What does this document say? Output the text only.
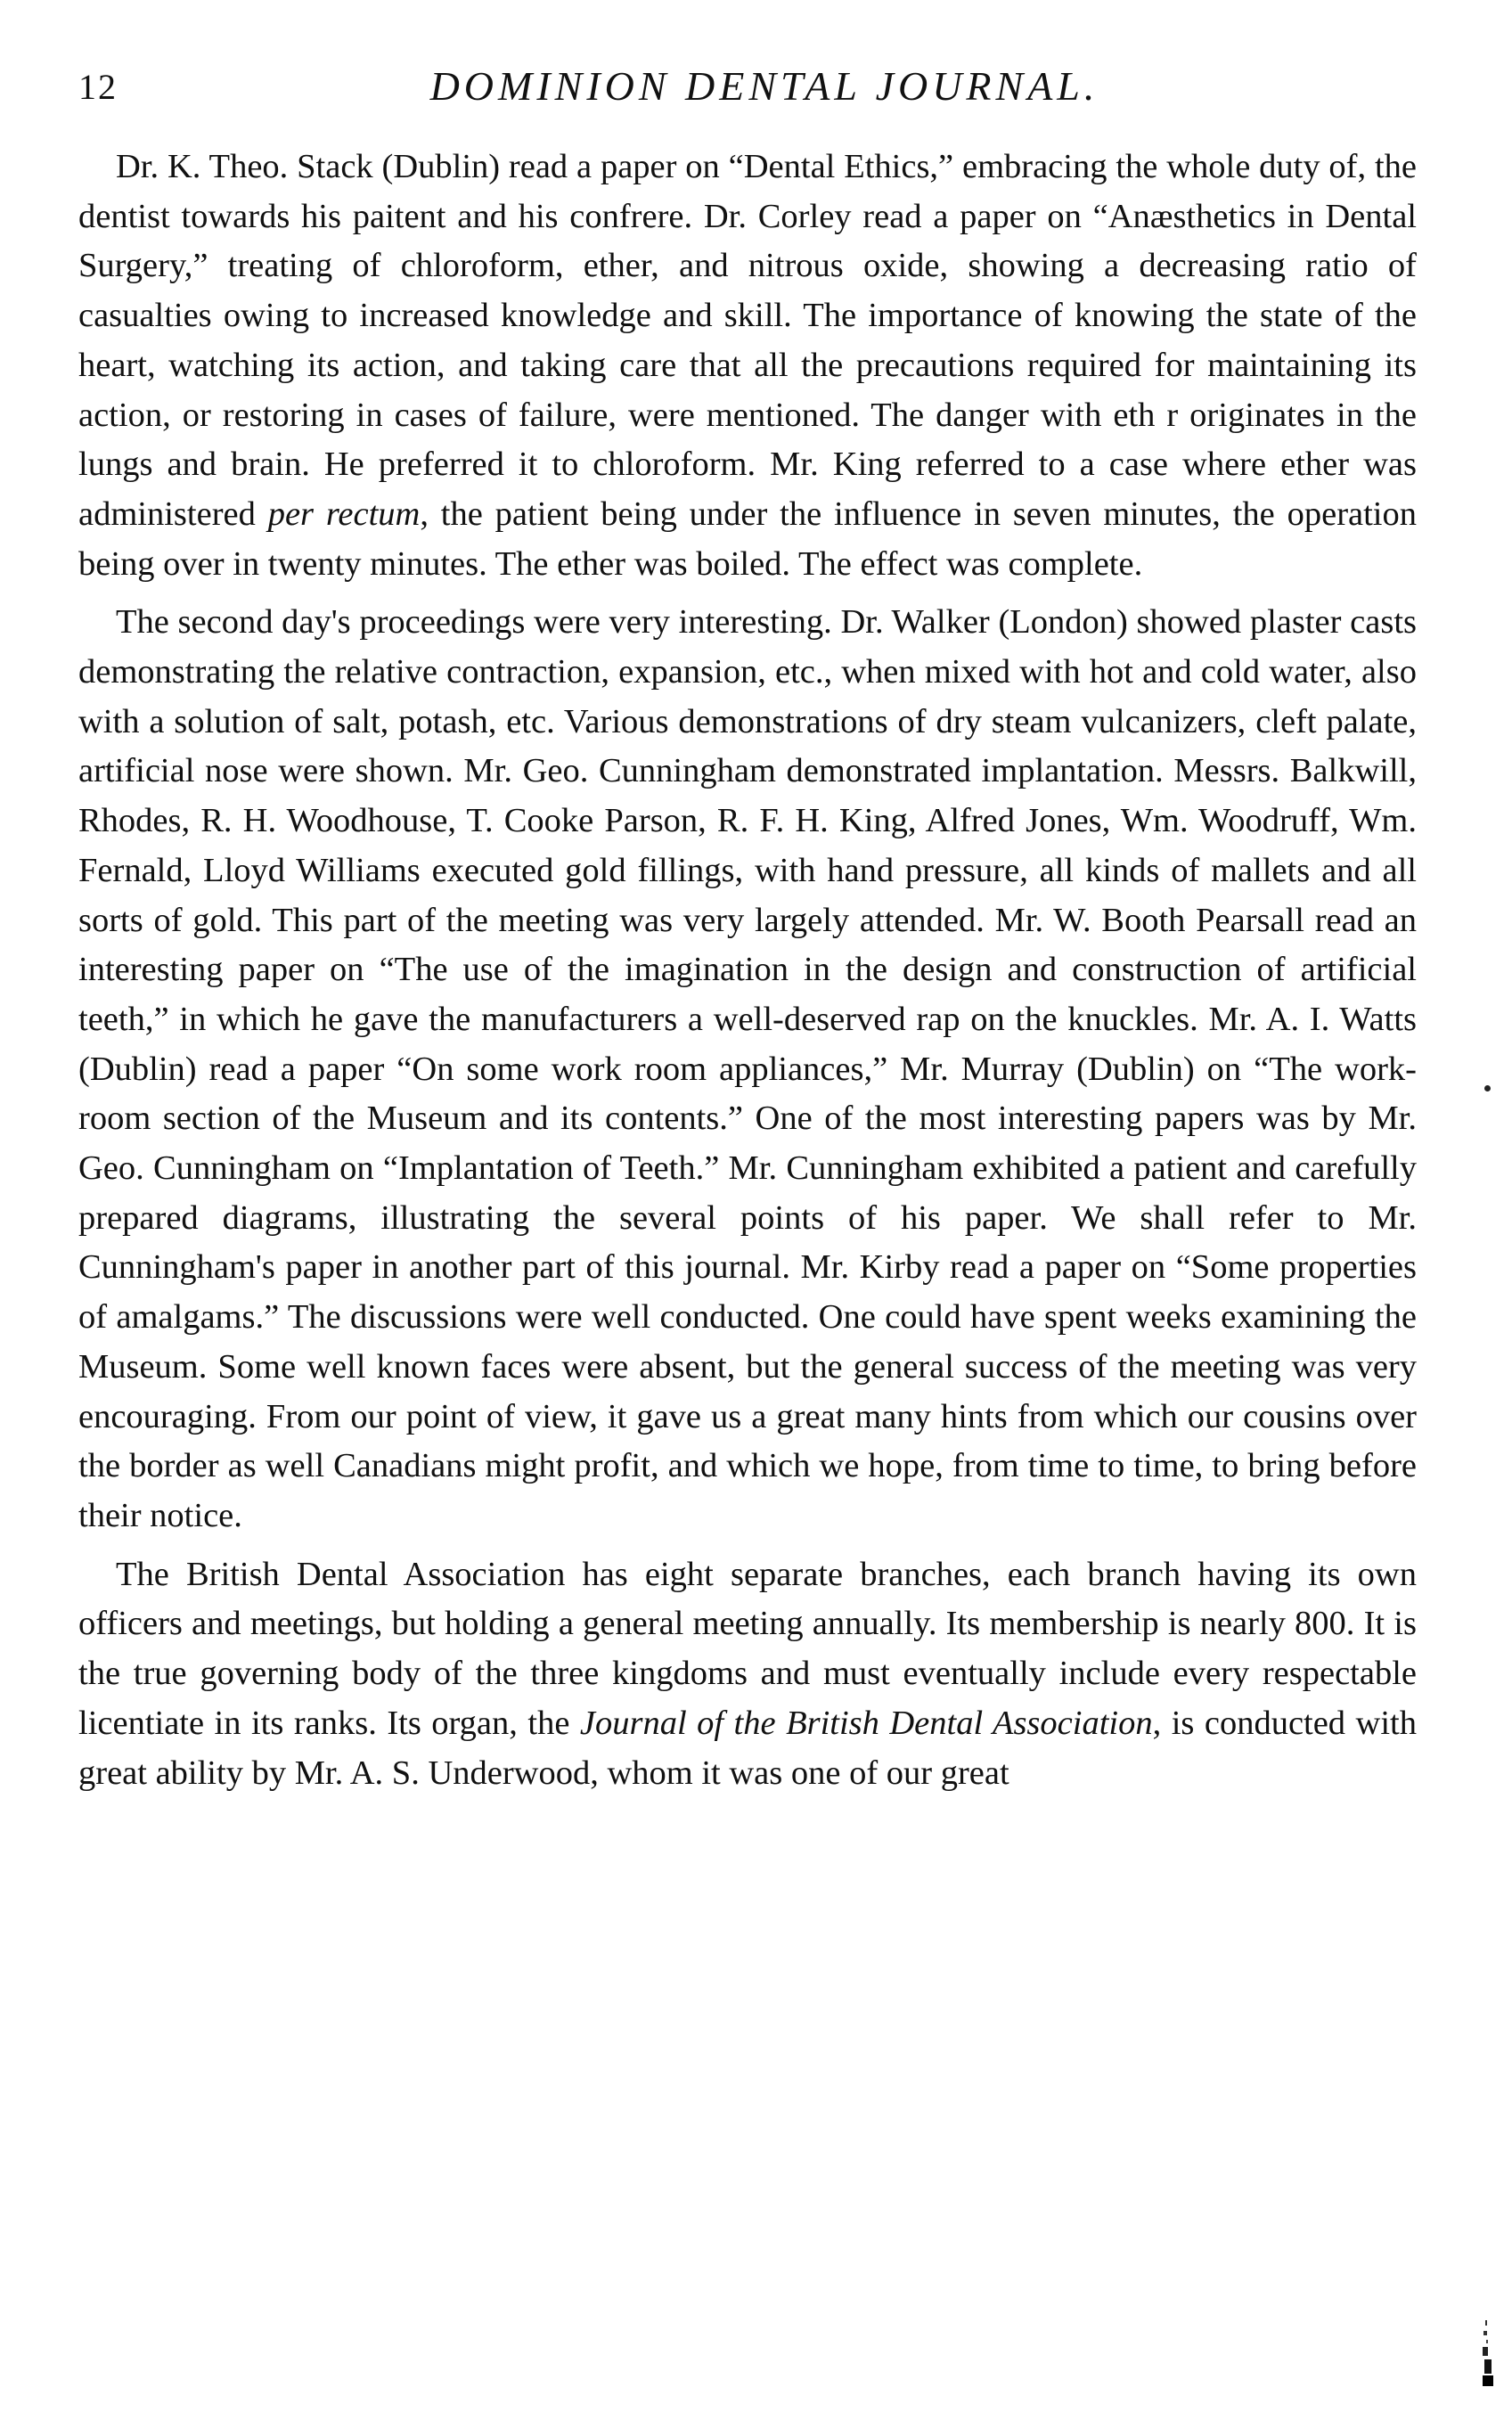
12	DOMINION DENTAL JOURNAL.

Dr. K. Theo. Stack (Dublin) read a paper on “Dental Ethics,” embracing the whole duty of, the dentist towards his paitent and his confrere. Dr. Corley read a paper on “Anæsthetics in Dental Surgery,” treating of chloroform, ether, and nitrous oxide, showing a decreasing ratio of casualties owing to increased knowledge and skill. The importance of knowing the state of the heart, watching its action, and taking care that all the precautions required for maintaining its action, or restoring in cases of failure, were mentioned. The danger with eth r originates in the lungs and brain. He preferred it to chloroform. Mr. King referred to a case where ether was administered per rectum, the patient being under the influence in seven minutes, the operation being over in twenty minutes. The ether was boiled. The effect was complete.

The second day's proceedings were very interesting. Dr. Walker (London) showed plaster casts demonstrating the relative contraction, expansion, etc., when mixed with hot and cold water, also with a solution of salt, potash, etc. Various demonstrations of dry steam vulcanizers, cleft palate, artificial nose were shown. Mr. Geo. Cunningham demonstrated implantation. Messrs. Balkwill, Rhodes, R. H. Woodhouse, T. Cooke Parson, R. F. H. King, Alfred Jones, Wm. Woodruff, Wm. Fernald, Lloyd Williams executed gold fillings, with hand pressure, all kinds of mallets and all sorts of gold. This part of the meeting was very largely attended. Mr. W. Booth Pearsall read an interesting paper on “The use of the imagination in the design and construction of artificial teeth,” in which he gave the manufacturers a well-deserved rap on the knuckles. Mr. A. I. Watts (Dublin) read a paper “On some work room appliances,” Mr. Murray (Dublin) on “The work-room section of the Museum and its contents.” One of the most interesting papers was by Mr. Geo. Cunningham on “Implantation of Teeth.” Mr. Cunningham exhibited a patient and carefully prepared diagrams, illustrating the several points of his paper. We shall refer to Mr. Cunningham's paper in another part of this journal. Mr. Kirby read a paper on “Some properties of amalgams.” The discussions were well conducted. One could have spent weeks examining the Museum. Some well known faces were absent, but the general success of the meeting was very encouraging. From our point of view, it gave us a great many hints from which our cousins over the border as well Canadians might profit, and which we hope, from time to time, to bring before their notice.

The British Dental Association has eight separate branches, each branch having its own officers and meetings, but holding a general meeting annually. Its membership is nearly 800. It is the true governing body of the three kingdoms and must eventually include every respectable licentiate in its ranks. Its organ, the Journal of the British Dental Association, is conducted with great ability by Mr. A. S. Underwood, whom it was one of our great
